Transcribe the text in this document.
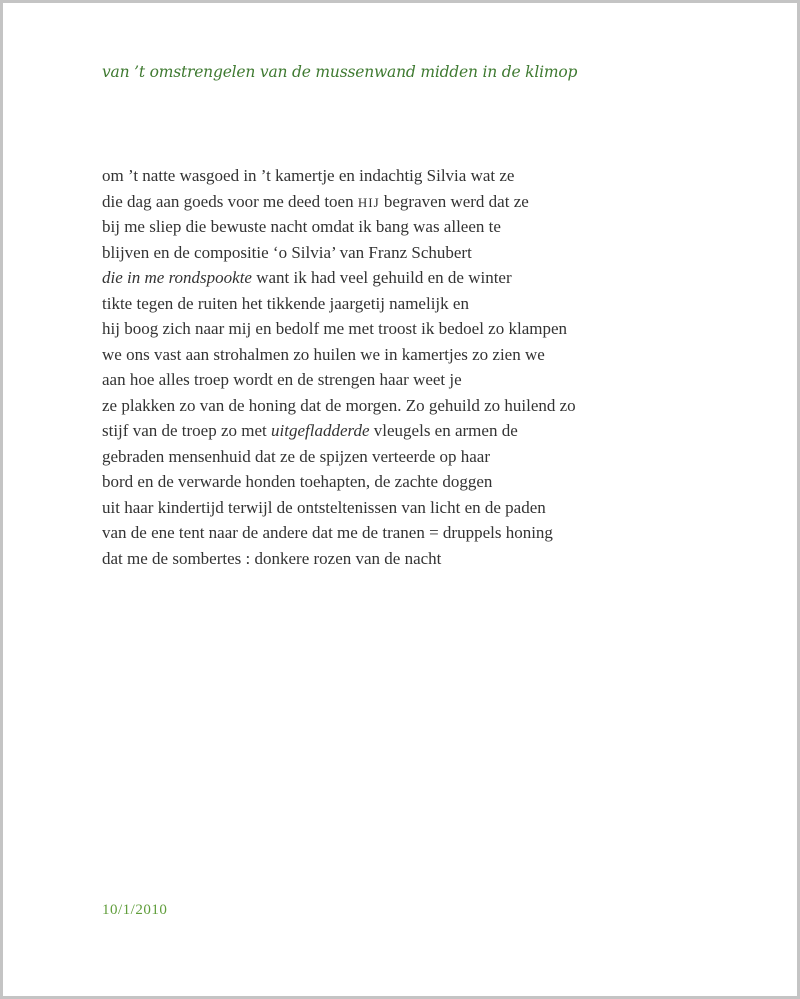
van ’t omstrengelen van de mussenwand midden in de klimop
om ’t natte wasgoed in ’t kamertje en indachtig Silvia wat ze
die dag aan goeds voor me deed toen HIJ begraven werd dat ze
bij me sliep die bewuste nacht omdat ik bang was alleen te
blijven en de compositie ‘o Silvia’ van Franz Schubert
die in me rondspookte want ik had veel gehuild en de winter
tikte tegen de ruiten het tikkende jaargetij namelijk en
hij boog zich naar mij en bedolf me met troost ik bedoel zo klampen
we ons vast aan strohalmen zo huilen we in kamertjes zo zien we
aan hoe alles troep wordt en de strengen haar weet je
ze plakken zo van de honing dat de morgen. Zo gehuild zo huilend zo
stijf van de troep zo met uitgefladderde vleugels en armen de
gebraden mensenhuid dat ze de spijzen verteerde op haar
bord en de verwarde honden toehapten, de zachte doggen
uit haar kindertijd terwijl de ontsteltenissen van licht en de paden
van de ene tent naar de andere dat me de tranen = druppels honing
dat me de sombertes : donkere rozen van de nacht

10/1/2010
